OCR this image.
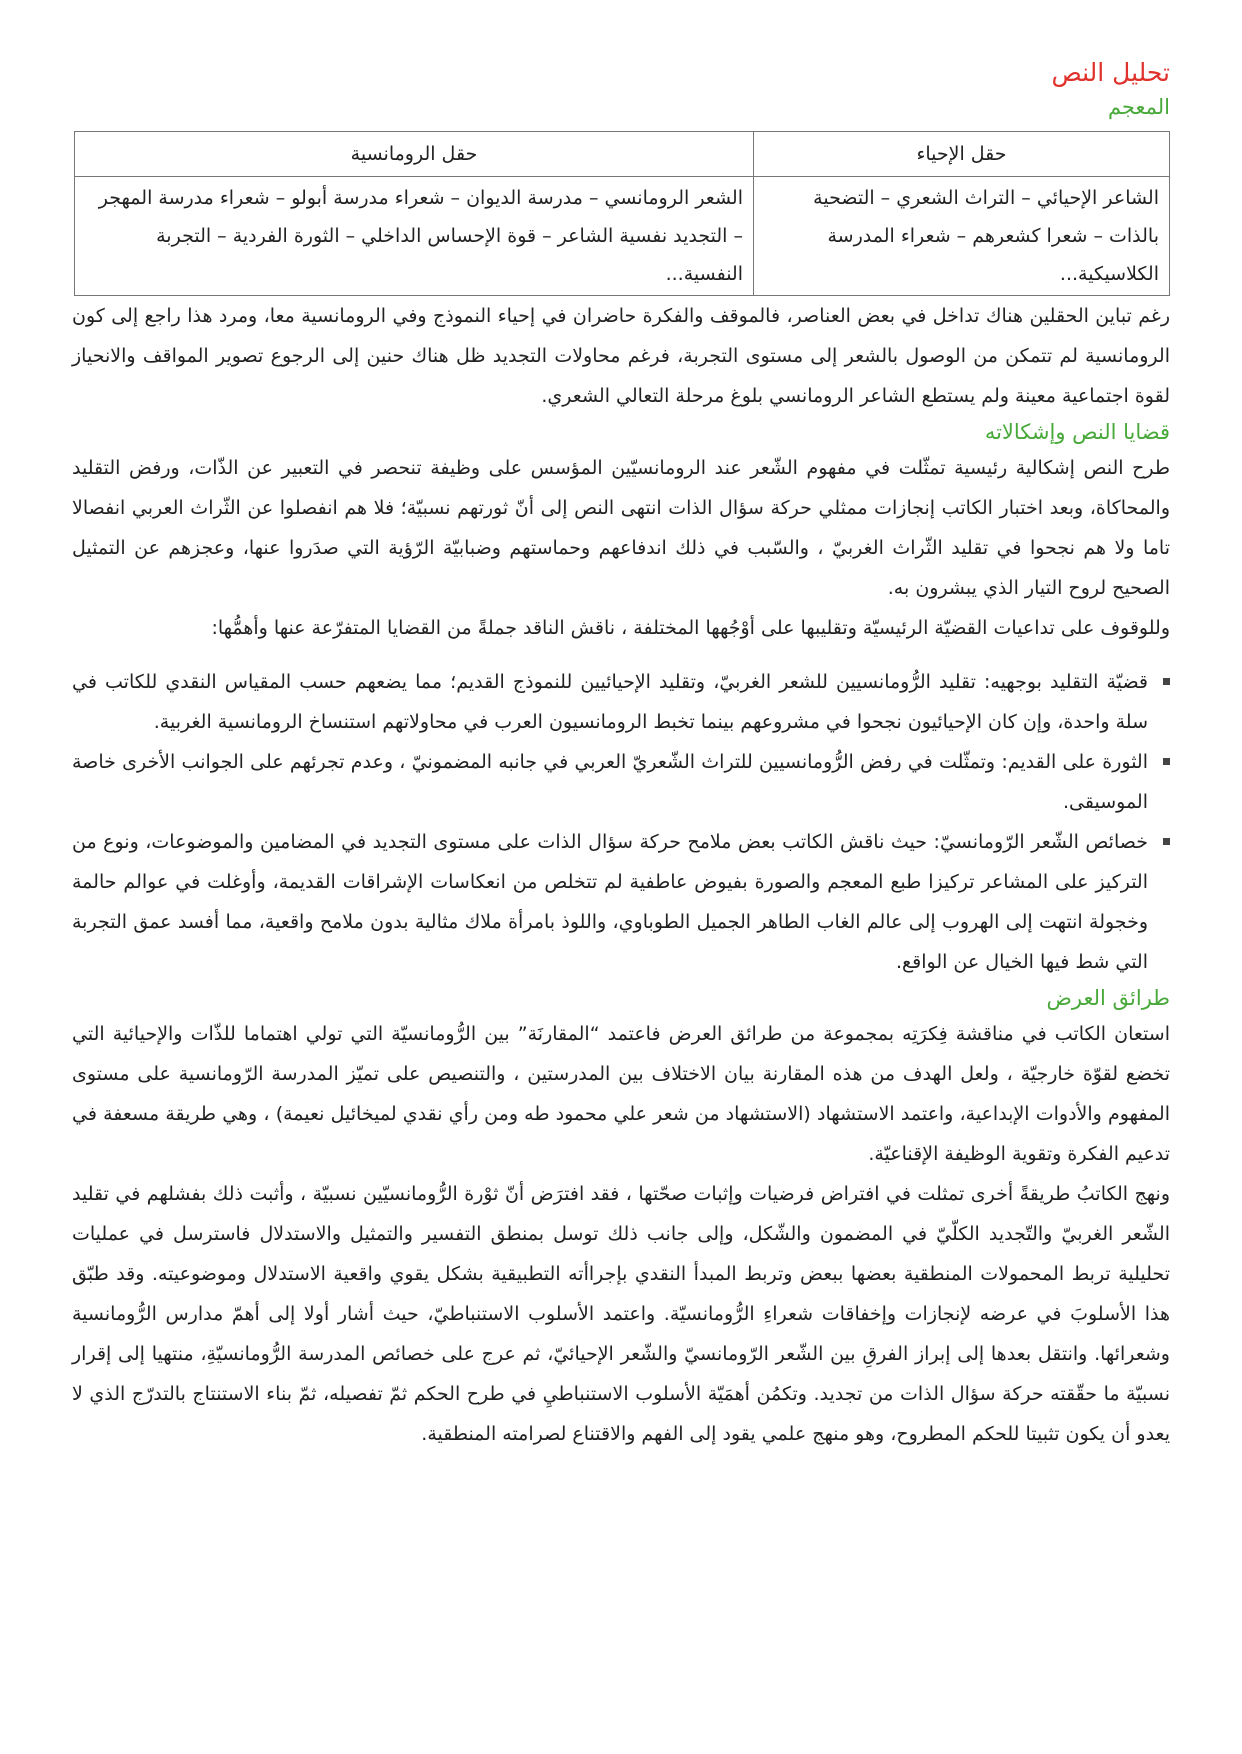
تحليل النص
المعجم
حقل الإحياء	حقل الرومانسية
الشاعر الإحيائي – التراث الشعري – التضحية بالذات – شعرا كشعرهم – شعراء المدرسة الكلاسيكية...	الشعر الرومانسي – مدرسة الديوان – شعراء مدرسة أبولو – شعراء مدرسة المهجر – التجديد نفسية الشاعر – قوة الإحساس الداخلي – الثورة الفردية – التجربة النفسية...

رغم تباين الحقلين هناك تداخل في بعض العناصر، فالموقف والفكرة حاضران في إحياء النموذج وفي الرومانسية معا، ومرد هذا راجع إلى كون الرومانسية لم تتمكن من الوصول بالشعر إلى مستوى التجربة، فرغم محاولات التجديد ظل هناك حنين إلى الرجوع تصوير المواقف والانحياز لقوة اجتماعية معينة ولم يستطع الشاعر الرومانسي بلوغ مرحلة التعالي الشعري.

قضايا النص وإشكالاته

طرح النص إشكالية رئيسية تمثّلت في مفهوم الشّعر عند الرومانسيّين المؤسس على وظيفة تنحصر في التعبير عن الذّات، ورفض التقليد والمحاكاة، وبعد اختبار الكاتب إنجازات ممثلي حركة سؤال الذات انتهى النص إلى أنّ ثورتهم نسبيّة؛ فلا هم انفصلوا عن الثّراث العربي انفصالا تاما ولا هم نجحوا في تقليد الثّراث الغربيّ ، والسّبب في ذلك اندفاعهم وحماستهم وضبابيّة الرّؤية التي صدَروا عنها، وعجزهم عن التمثيل الصحيح لروح التيار الذي يبشرون به.

وللوقوف على تداعيات القضيّة الرئيسيّة وتقليبها على أوْجُهها المختلفة ، ناقش الناقد جملةً من القضايا المتفرّعة عنها وأهمُّها:

قضيّة التقليد بوجهيه: تقليد الرُّومانسيين للشعر الغربيّ، وتقليد الإحيائيين للنموذج القديم؛ مما يضعهم حسب المقياس النقدي للكاتب في سلة واحدة، وإن كان الإحيائيون نجحوا في مشروعهم بينما تخبط الرومانسيون العرب في محاولاتهم استنساخ الرومانسية الغربية.
الثورة على القديم: وتمثّلت في رفض الرُّومانسيين للتراث الشّعريّ العربي في جانبه المضمونيّ ، وعدم تجرئهم على الجوانب الأخرى خاصة الموسيقى.
خصائص الشّعر الرّومانسيّ: حيث ناقش الكاتب بعض ملامح حركة سؤال الذات على مستوى التجديد في المضامين والموضوعات، ونوع من التركيز على المشاعر تركيزا طبع المعجم والصورة بفيوض عاطفية لم تتخلص من انعكاسات الإشراقات القديمة، وأوغلت في عوالم حالمة وخجولة انتهت إلى الهروب إلى عالم الغاب الطاهر الجميل الطوباوي، واللوذ بامرأة ملاك مثالية بدون ملامح واقعية، مما أفسد عمق التجربة التي شط فيها الخيال عن الواقع.
طرائق العرض

استعان الكاتب في مناقشة فِكرَتِه بمجموعة من طرائق العرض فاعتمد “المقارنَة” بين الرُّومانسيّة التي تولي اهتماما للذّات والإحيائية التي تخضع لقوّة خارجيّة ، ولعل الهدف من هذه المقارنة بيان الاختلاف بين المدرستين ، والتنصيص على تميّز المدرسة الرّومانسية على مستوى المفهوم والأدوات الإبداعية، واعتمد الاستشهاد (الاستشهاد من شعر علي محمود طه ومن رأي نقدي لميخائيل نعيمة) ، وهي طريقة مسعفة في تدعيم الفكرة وتقوية الوظيفة الإقناعيّة.

ونهج الكاتبُ طريقةً أخرى تمثلت في افتراض فرضيات وإثبات صحّتها ، فقد افترَض أنّ ثوْرة الرُّومانسيّين نسبيّة ، وأثبت ذلك بفشلهم في تقليد الشّعر الغربيّ والتّجديد الكلّيّ في المضمون والشّكل، وإلى جانب ذلك توسل بمنطق التفسير والتمثيل والاستدلال فاسترسل في عمليات تحليلية تربط المحمولات المنطقية بعضها ببعض وتربط المبدأ النقدي بإجراأته التطبيقية بشكل يقوي واقعية الاستدلال وموضوعيته. وقد طبّق هذا الأسلوبَ في عرضه لإنجازات وإخفاقات شعراءِ الرُّومانسيّة. واعتمد الأسلوب الاستنباطيّ، حيث أشار أولا إلى أهمّ مدارس الرُّومانسية وشعرائها. وانتقل بعدها إلى إبراز الفرقِ بين الشّعر الرّومانسيّ والشّعر الإحيائيّ، ثم عرج على خصائص المدرسة الرُّومانسيّةِ، منتهيا إلى إقرار نسبيّة ما حقّقته حركة سؤال الذات من تجديد. وتكمُن أهمَيّة الأسلوب الاستنباطيِ في طرح الحكم ثمّ تفصيله، ثمّ بناء الاستنتاج بالتدرّج الذي لا يعدو أن يكون تثبيتا للحكم المطروح، وهو منهج علمي يقود إلى الفهم والاقتناع لصرامته المنطقية.
